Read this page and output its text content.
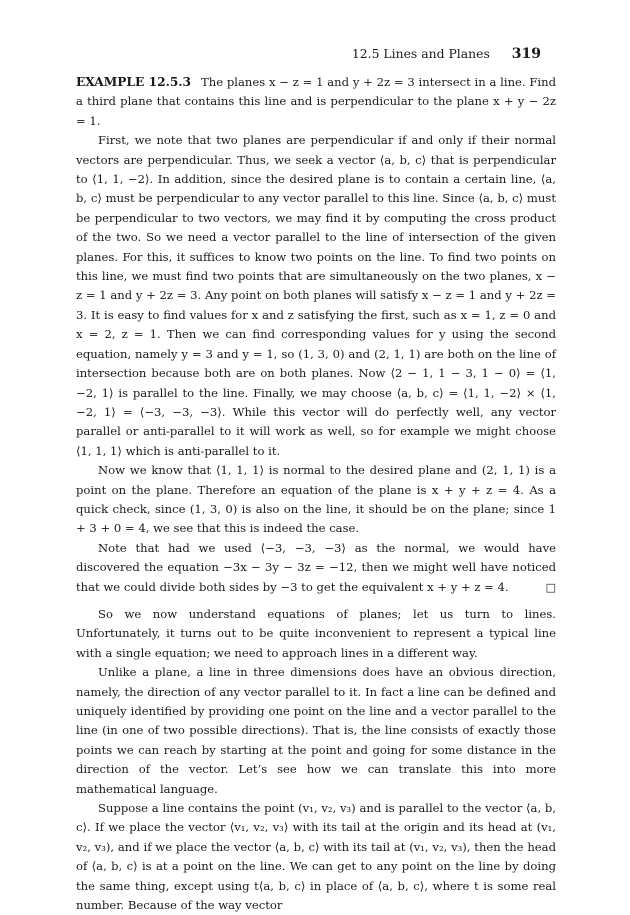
12.5 Lines and Planes 319

EXAMPLE 12.5.3 The planes x − z = 1 and y + 2z = 3 intersect in a line. Find a third plane that contains this line and is perpendicular to the plane x + y − 2z = 1.

First, we note that two planes are perpendicular if and only if their normal vectors are perpendicular. Thus, we seek a vector ⟨a, b, c⟩ that is perpendicular to ⟨1, 1, −2⟩. In addition, since the desired plane is to contain a certain line, ⟨a, b, c⟩ must be perpendicular to any vector parallel to this line. Since ⟨a, b, c⟩ must be perpendicular to two vectors, we may find it by computing the cross product of the two. So we need a vector parallel to the line of intersection of the given planes. For this, it suffices to know two points on the line. To find two points on this line, we must find two points that are simultaneously on the two planes, x − z = 1 and y + 2z = 3. Any point on both planes will satisfy x − z = 1 and y + 2z = 3. It is easy to find values for x and z satisfying the first, such as x = 1, z = 0 and x = 2, z = 1. Then we can find corresponding values for y using the second equation, namely y = 3 and y = 1, so (1, 3, 0) and (2, 1, 1) are both on the line of intersection because both are on both planes. Now ⟨2 − 1, 1 − 3, 1 − 0⟩ = ⟨1, −2, 1⟩ is parallel to the line. Finally, we may choose ⟨a, b, c⟩ = ⟨1, 1, −2⟩ × ⟨1, −2, 1⟩ = ⟨−3, −3, −3⟩. While this vector will do perfectly well, any vector parallel or anti-parallel to it will work as well, so for example we might choose ⟨1, 1, 1⟩ which is anti-parallel to it.

Now we know that ⟨1, 1, 1⟩ is normal to the desired plane and (2, 1, 1) is a point on the plane. Therefore an equation of the plane is x + y + z = 4. As a quick check, since (1, 3, 0) is also on the line, it should be on the plane; since 1 + 3 + 0 = 4, we see that this is indeed the case.

Note that had we used ⟨−3, −3, −3⟩ as the normal, we would have discovered the equation −3x − 3y − 3z = −12, then we might well have noticed that we could divide both sides by −3 to get the equivalent x + y + z = 4.	□

So we now understand equations of planes; let us turn to lines. Unfortunately, it turns out to be quite inconvenient to represent a typical line with a single equation; we need to approach lines in a different way.

Unlike a plane, a line in three dimensions does have an obvious direction, namely, the direction of any vector parallel to it. In fact a line can be defined and uniquely identified by providing one point on the line and a vector parallel to the line (in one of two possible directions). That is, the line consists of exactly those points we can reach by starting at the point and going for some distance in the direction of the vector. Let’s see how we can translate this into more mathematical language.

Suppose a line contains the point (v₁, v₂, v₃) and is parallel to the vector ⟨a, b, c⟩. If we place the vector ⟨v₁, v₂, v₃⟩ with its tail at the origin and its head at (v₁, v₂, v₃), and if we place the vector ⟨a, b, c⟩ with its tail at (v₁, v₂, v₃), then the head of ⟨a, b, c⟩ is at a point on the line. We can get to any point on the line by doing the same thing, except using t⟨a, b, c⟩ in place of ⟨a, b, c⟩, where t is some real number. Because of the way vector
